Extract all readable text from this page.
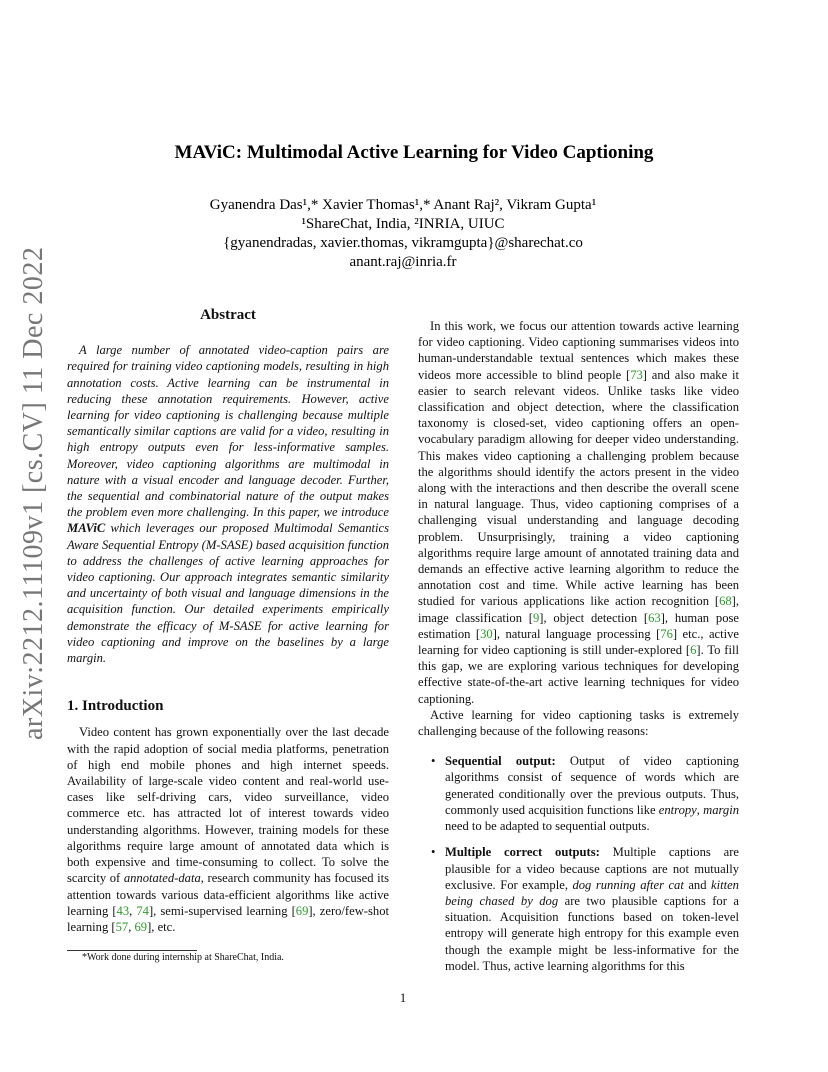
arXiv:2212.11109v1 [cs.CV] 11 Dec 2022
MAViC: Multimodal Active Learning for Video Captioning
Gyanendra Das¹,* Xavier Thomas¹,* Anant Raj², Vikram Gupta¹
¹ShareChat, India, ²INRIA, UIUC
{gyanendradas, xavier.thomas, vikramgupta}@sharechat.co
anant.raj@inria.fr
Abstract

A large number of annotated video-caption pairs are required for training video captioning models, resulting in high annotation costs. Active learning can be instrumental in reducing these annotation requirements. However, active learning for video captioning is challenging because multiple semantically similar captions are valid for a video, resulting in high entropy outputs even for less-informative samples. Moreover, video captioning algorithms are multimodal in nature with a visual encoder and language decoder. Further, the sequential and combinatorial nature of the output makes the problem even more challenging. In this paper, we introduce MAViC which leverages our proposed Multimodal Semantics Aware Sequential Entropy (M-SASE) based acquisition function to address the challenges of active learning approaches for video captioning. Our approach integrates semantic similarity and uncertainty of both visual and language dimensions in the acquisition function. Our detailed experiments empirically demonstrate the efficacy of M-SASE for active learning for video captioning and improve on the baselines by a large margin.

1. Introduction

Video content has grown exponentially over the last decade with the rapid adoption of social media platforms, penetration of high end mobile phones and high internet speeds. Availability of large-scale video content and real-world use-cases like self-driving cars, video surveillance, video commerce etc. has attracted lot of interest towards video understanding algorithms. However, training models for these algorithms require large amount of annotated data which is both expensive and time-consuming to collect. To solve the scarcity of annotated-data, research community has focused its attention towards various data-efficient algorithms like active learning [43, 74], semi-supervised learning [69], zero/few-shot learning [57, 69], etc.

In this work, we focus our attention towards active learning for video captioning. Video captioning summarises videos into human-understandable textual sentences which makes these videos more accessible to blind people [73] and also make it easier to search relevant videos. Unlike tasks like video classification and object detection, where the classification taxonomy is closed-set, video captioning offers an open-vocabulary paradigm allowing for deeper video understanding. This makes video captioning a challenging problem because the algorithms should identify the actors present in the video along with the interactions and then describe the overall scene in natural language. Thus, video captioning comprises of a challenging visual understanding and language decoding problem. Unsurprisingly, training a video captioning algorithms require large amount of annotated training data and demands an effective active learning algorithm to reduce the annotation cost and time. While active learning has been studied for various applications like action recognition [68], image classification [9], object detection [63], human pose estimation [30], natural language processing [76] etc., active learning for video captioning is still under-explored [6]. To fill this gap, we are exploring various techniques for developing effective state-of-the-art active learning techniques for video captioning.

Active learning for video captioning tasks is extremely challenging because of the following reasons:

• Sequential output: Output of video captioning algorithms consist of sequence of words which are generated conditionally over the previous outputs. Thus, commonly used acquisition functions like entropy, margin need to be adapted to sequential outputs.
• Multiple correct outputs: Multiple captions are plausible for a video because captions are not mutually exclusive. For example, dog running after cat and kitten being chased by dog are two plausible captions for a situation. Acquisition functions based on token-level entropy will generate high entropy for this example even though the example might be less-informative for the model. Thus, active learning algorithms for this
*Work done during internship at ShareChat, India.
1
